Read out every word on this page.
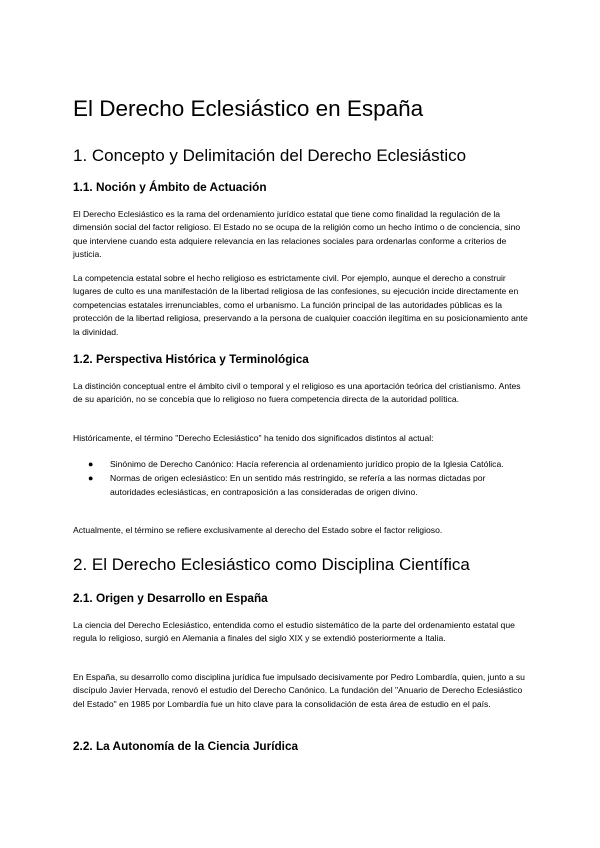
El Derecho Eclesiástico en España
1. Concepto y Delimitación del Derecho Eclesiástico
1.1. Noción y Ámbito de Actuación

El Derecho Eclesiástico es la rama del ordenamiento jurídico estatal que tiene como finalidad la regulación de la dimensión social del factor religioso. El Estado no se ocupa de la religión como un hecho íntimo o de conciencia, sino que interviene cuando esta adquiere relevancia en las relaciones sociales para ordenarlas conforme a criterios de justicia.

La competencia estatal sobre el hecho religioso es estrictamente civil. Por ejemplo, aunque el derecho a construir lugares de culto es una manifestación de la libertad religiosa de las confesiones, su ejecución incide directamente en competencias estatales irrenunciables, como el urbanismo. La función principal de las autoridades públicas es la protección de la libertad religiosa, preservando a la persona de cualquier coacción ilegítima en su posicionamiento ante la divinidad.

1.2. Perspectiva Histórica y Terminológica

La distinción conceptual entre el ámbito civil o temporal y el religioso es una aportación teórica del cristianismo. Antes de su aparición, no se concebía que lo religioso no fuera competencia directa de la autoridad política.

Históricamente, el término "Derecho Eclesiástico" ha tenido dos significados distintos al actual:

● Sinónimo de Derecho Canónico: Hacía referencia al ordenamiento jurídico propio de la Iglesia Católica.
● Normas de origen eclesiástico: En un sentido más restringido, se refería a las normas dictadas por autoridades eclesiásticas, en contraposición a las consideradas de origen divino.

Actualmente, el término se refiere exclusivamente al derecho del Estado sobre el factor religioso.

2. El Derecho Eclesiástico como Disciplina Científica
2.1. Origen y Desarrollo en España

La ciencia del Derecho Eclesiástico, entendida como el estudio sistemático de la parte del ordenamiento estatal que regula lo religioso, surgió en Alemania a finales del siglo XIX y se extendió posteriormente a Italia.

En España, su desarrollo como disciplina jurídica fue impulsado decisivamente por Pedro Lombardía, quien, junto a su discípulo Javier Hervada, renovó el estudio del Derecho Canónico. La fundación del "Anuario de Derecho Eclesiástico del Estado" en 1985 por Lombardía fue un hito clave para la consolidación de esta área de estudio en el país.

2.2. La Autonomía de la Ciencia Jurídica
